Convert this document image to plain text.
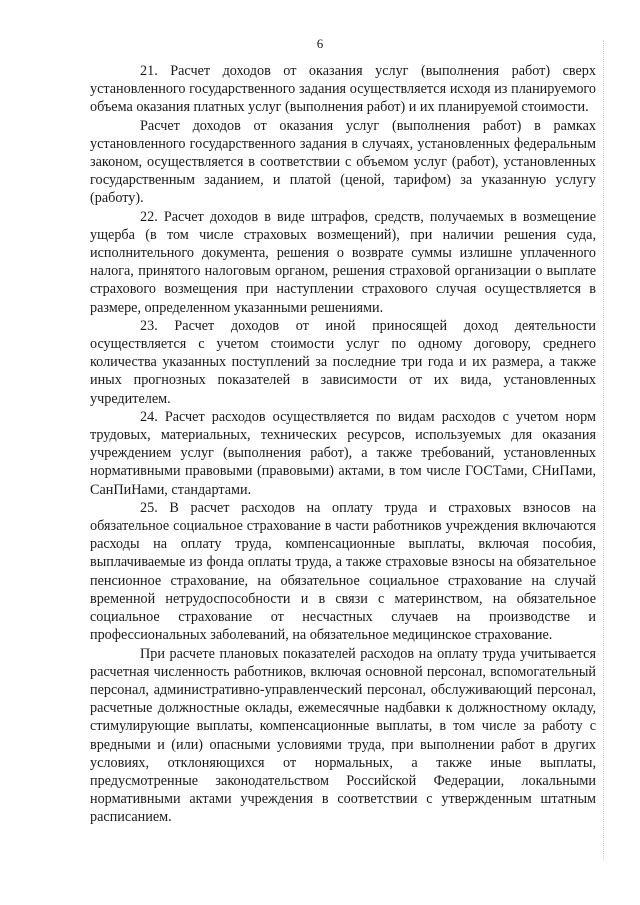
6

21. Расчет доходов от оказания услуг (выполнения работ) сверх установленного государственного задания осуществляется исходя из планируемого объема оказания платных услуг (выполнения работ) и их планируемой стоимости.

Расчет доходов от оказания услуг (выполнения работ) в рамках установленного государственного задания в случаях, установленных федеральным законом, осуществляется в соответствии с объемом услуг (работ), установленных государственным заданием, и платой (ценой, тарифом) за указанную услугу (работу).

22. Расчет доходов в виде штрафов, средств, получаемых в возмещение ущерба (в том числе страховых возмещений), при наличии решения суда, исполнительного документа, решения о возврате суммы излишне уплаченного налога, принятого налоговым органом, решения страховой организации о выплате страхового возмещения при наступлении страхового случая осуществляется в размере, определенном указанными решениями.

23. Расчет доходов от иной приносящей доход деятельности осуществляется с учетом стоимости услуг по одному договору, среднего количества указанных поступлений за последние три года и их размера, а также иных прогнозных показателей в зависимости от их вида, установленных учредителем.

24. Расчет расходов осуществляется по видам расходов с учетом норм трудовых, материальных, технических ресурсов, используемых для оказания учреждением услуг (выполнения работ), а также требований, установленных нормативными правовыми (правовыми) актами, в том числе ГОСТами, СНиПами, СанПиНами, стандартами.

25. В расчет расходов на оплату труда и страховых взносов на обязательное социальное страхование в части работников учреждения включаются расходы на оплату труда, компенсационные выплаты, включая пособия, выплачиваемые из фонда оплаты труда, а также страховые взносы на обязательное пенсионное страхование, на обязательное социальное страхование на случай временной нетрудоспособности и в связи с материнством, на обязательное социальное страхование от несчастных случаев на производстве и профессиональных заболеваний, на обязательное медицинское страхование.

При расчете плановых показателей расходов на оплату труда учитывается расчетная численность работников, включая основной персонал, вспомогательный персонал, административно-управленческий персонал, обслуживающий персонал, расчетные должностные оклады, ежемесячные надбавки к должностному окладу, стимулирующие выплаты, компенсационные выплаты, в том числе за работу с вредными и (или) опасными условиями труда, при выполнении работ в других условиях, отклоняющихся от нормальных, а также иные выплаты, предусмотренные законодательством Российской Федерации, локальными нормативными актами учреждения в соответствии с утвержденным штатным расписанием.
